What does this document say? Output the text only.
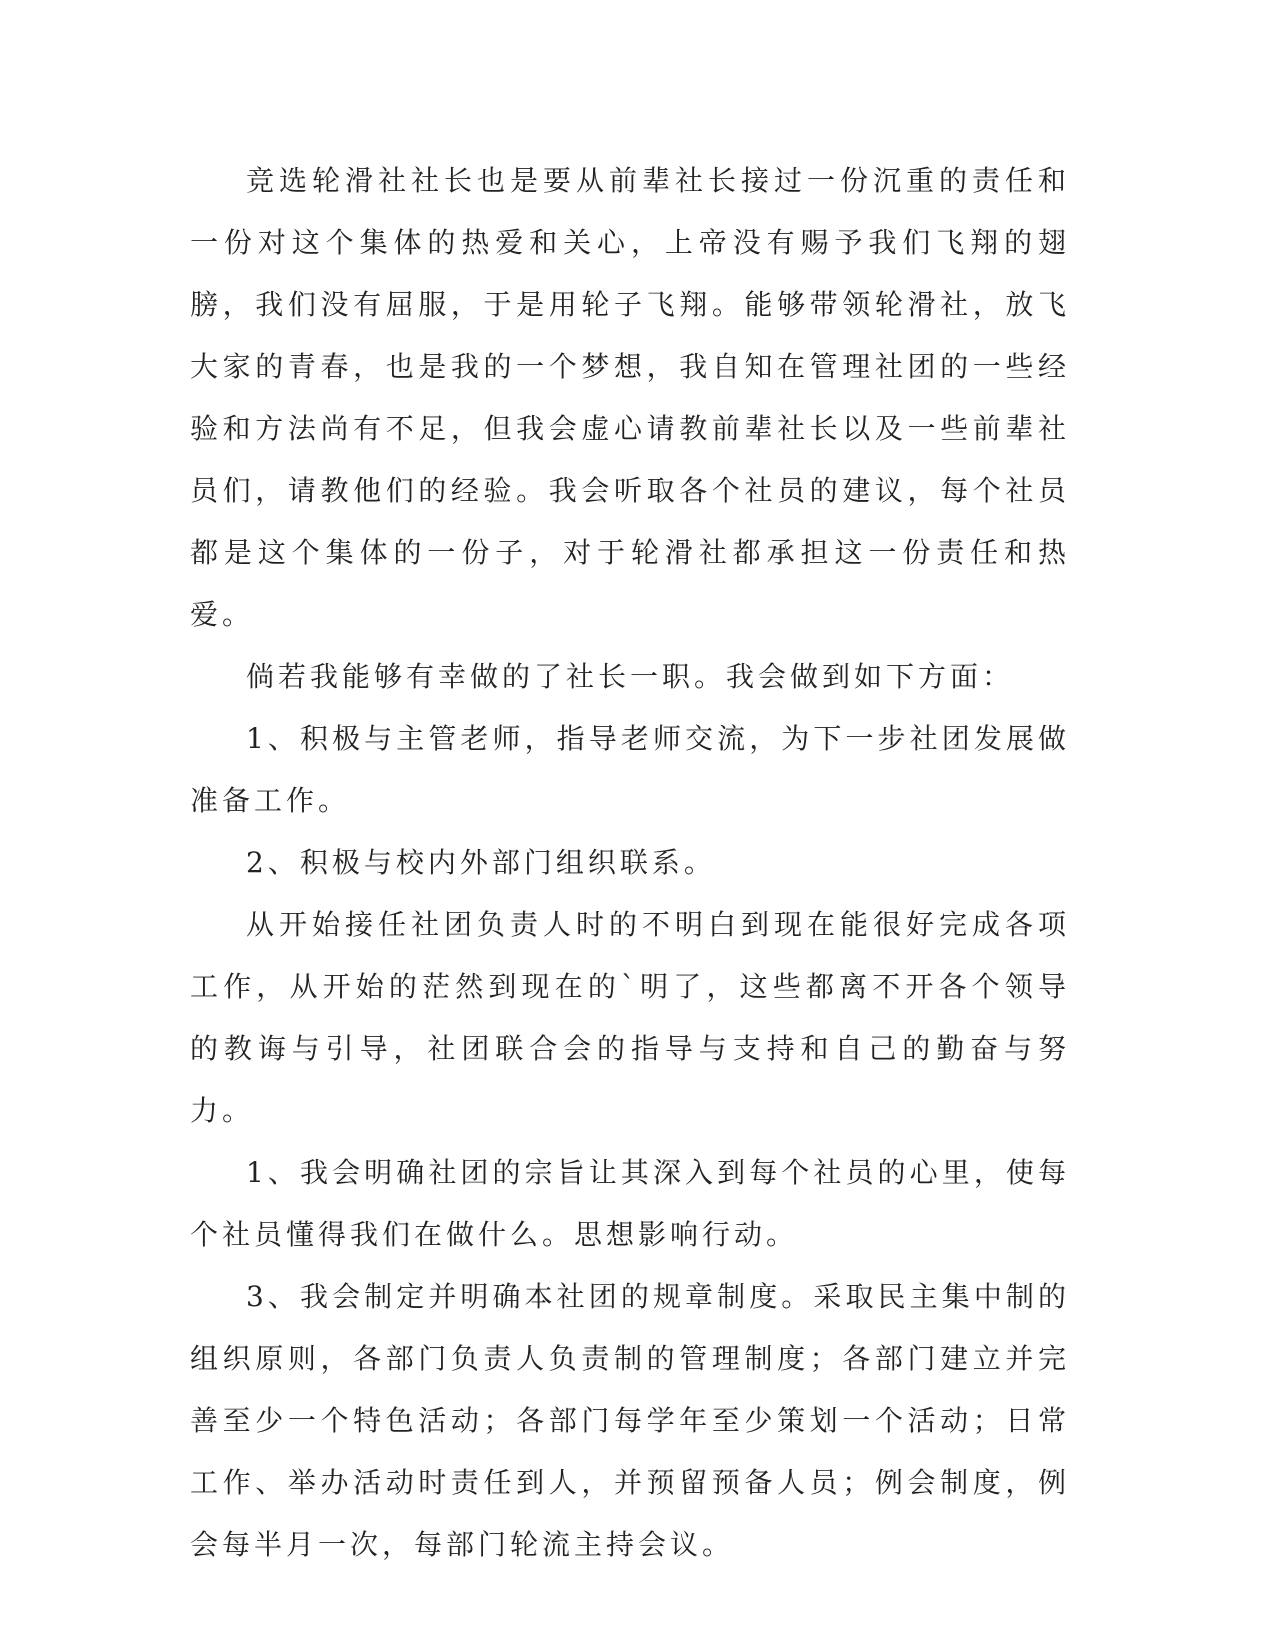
竞选轮滑社社长也是要从前辈社长接过一份沉重的责任和一份对这个集体的热爱和关心，上帝没有赐予我们飞翔的翅膀，我们没有屈服，于是用轮子飞翔。能够带领轮滑社，放飞大家的青春，也是我的一个梦想，我自知在管理社团的一些经验和方法尚有不足，但我会虚心请教前辈社长以及一些前辈社员们，请教他们的经验。我会听取各个社员的建议，每个社员都是这个集体的一份子，对于轮滑社都承担这一份责任和热爱。

倘若我能够有幸做的了社长一职。我会做到如下方面：

1、积极与主管老师，指导老师交流，为下一步社团发展做准备工作。

2、积极与校内外部门组织联系。

从开始接任社团负责人时的不明白到现在能很好完成各项工作，从开始的茫然到现在的`明了，这些都离不开各个领导的教诲与引导，社团联合会的指导与支持和自己的勤奋与努力。

1、我会明确社团的宗旨让其深入到每个社员的心里，使每个社员懂得我们在做什么。思想影响行动。

3、我会制定并明确本社团的规章制度。采取民主集中制的组织原则，各部门负责人负责制的管理制度；各部门建立并完善至少一个特色活动；各部门每学年至少策划一个活动；日常工作、举办活动时责任到人，并预留预备人员；例会制度，例会每半月一次，每部门轮流主持会议。
